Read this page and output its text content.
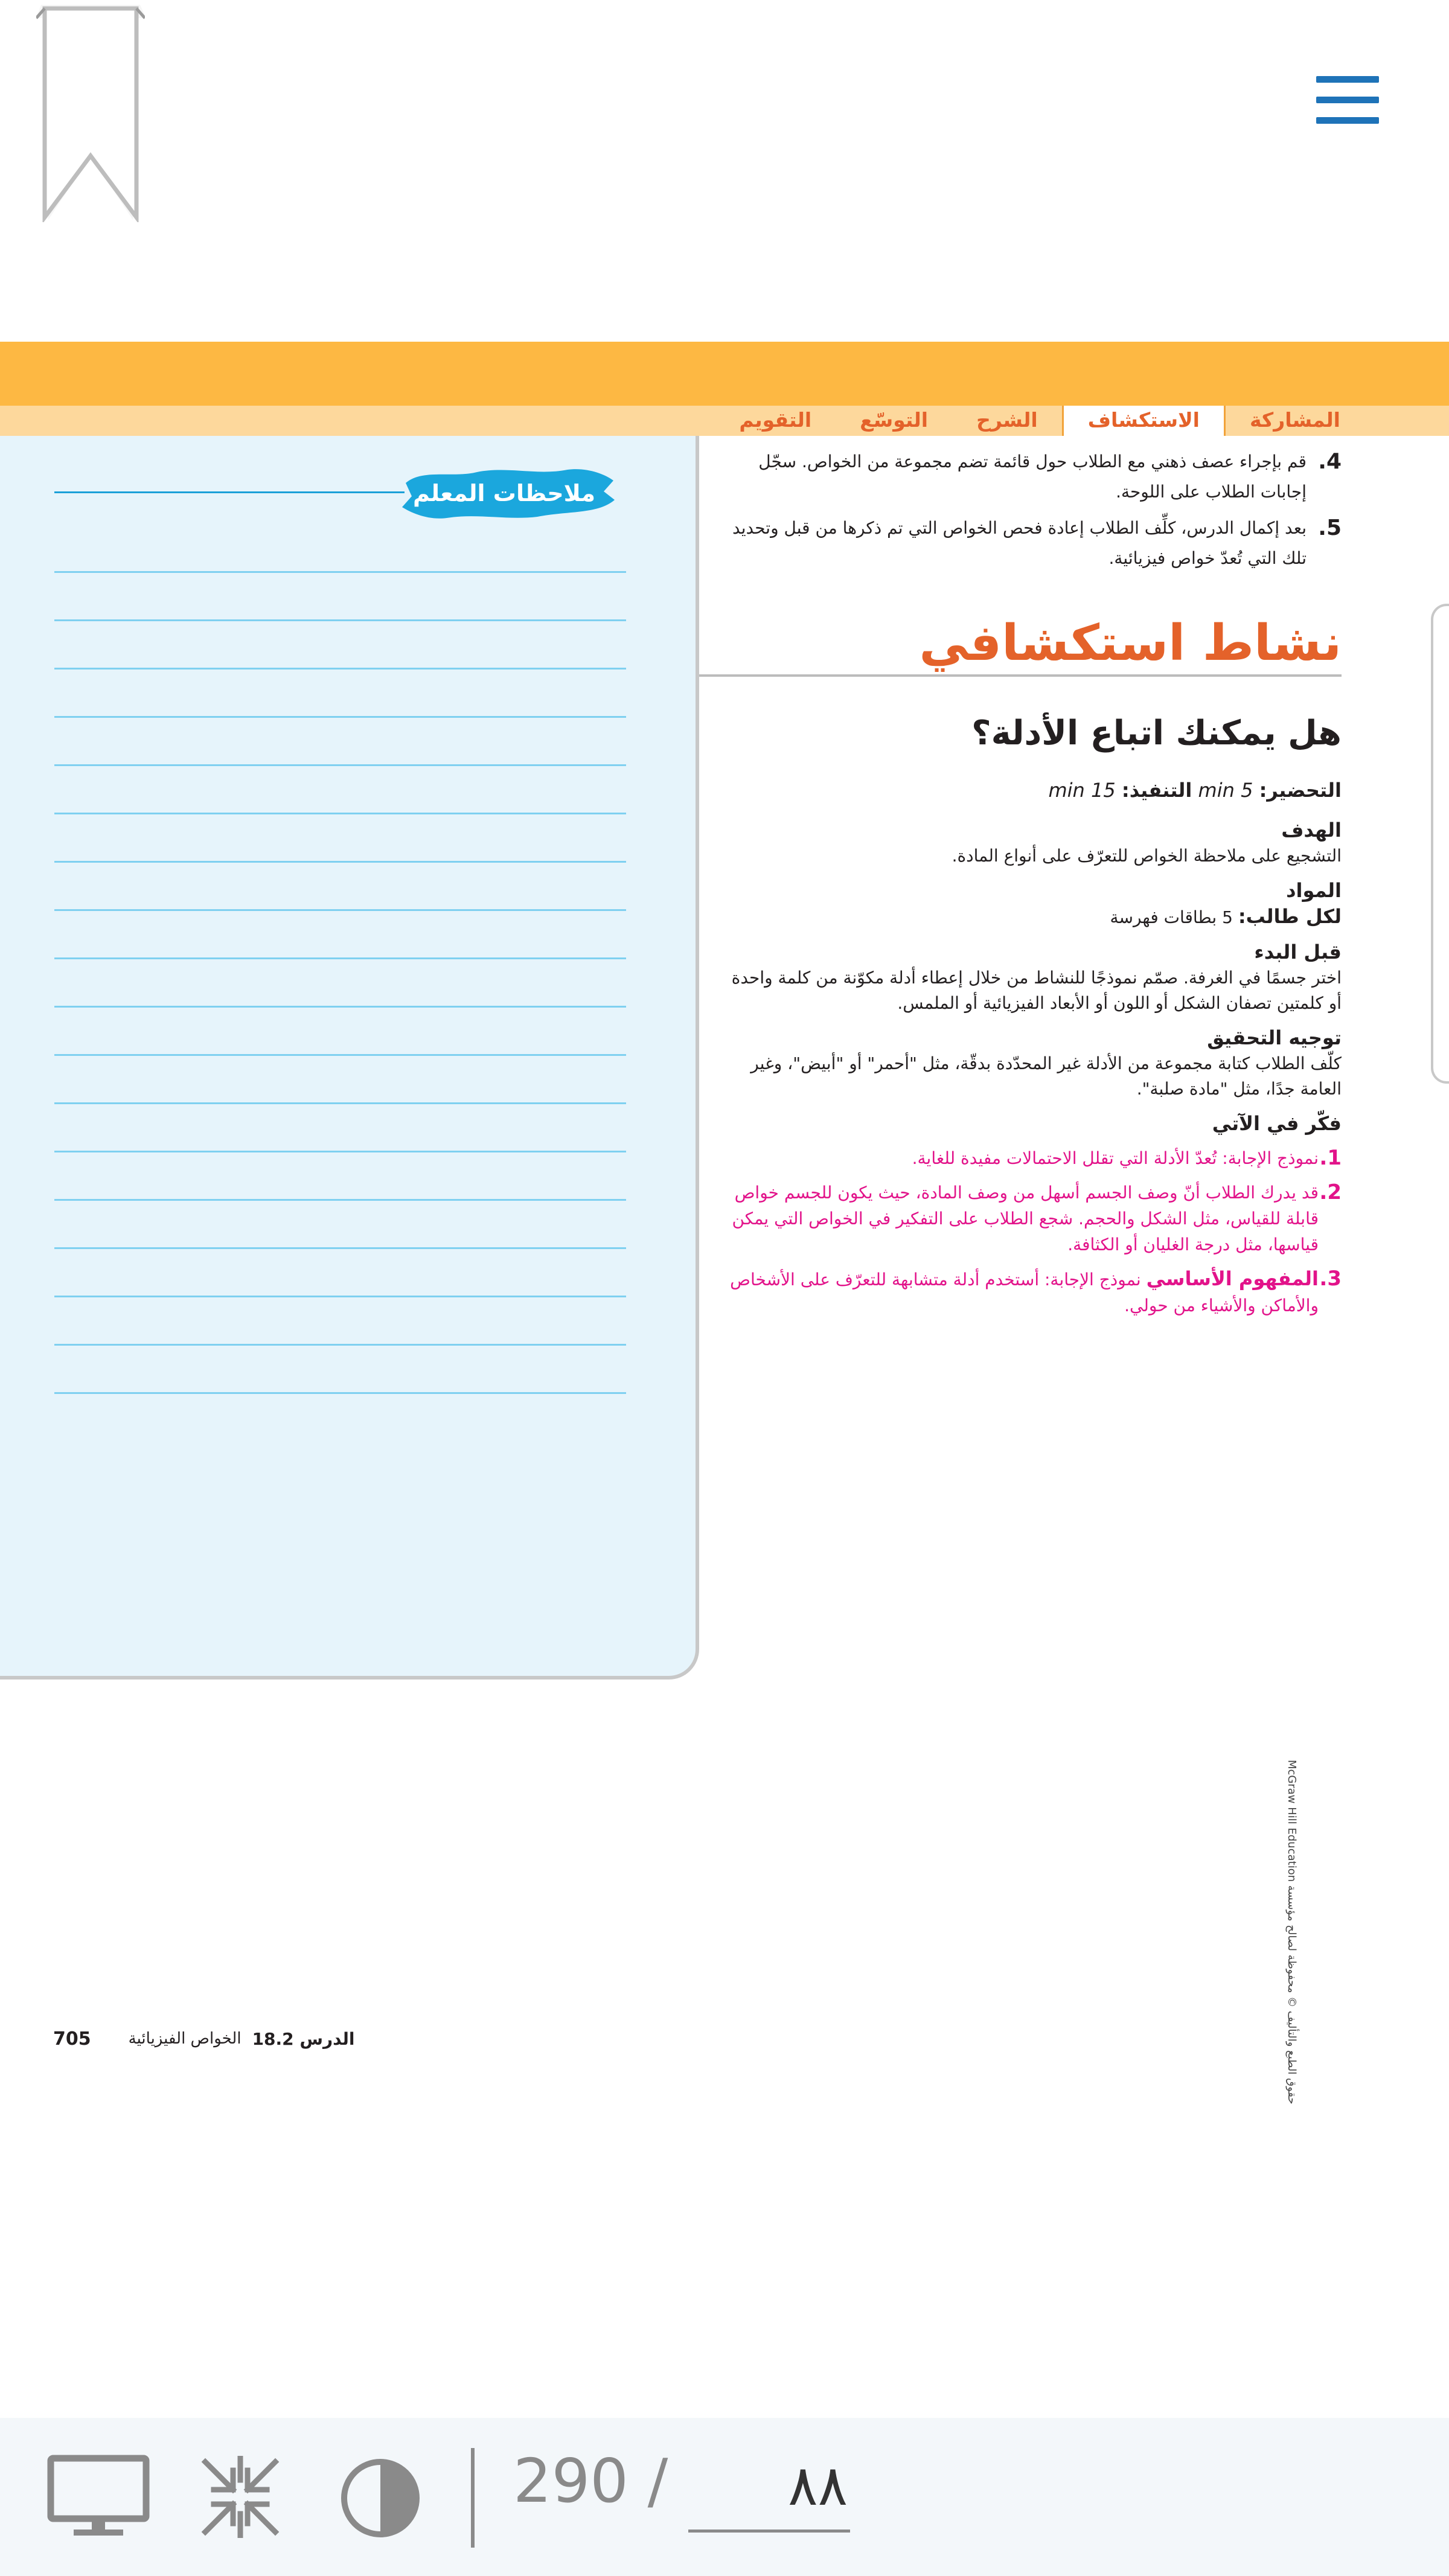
المشاركة
الاستكشاف
الشرح
التوسّع
التقويم
ملاحظات المعلم
4.
قم بإجراء عصف ذهني مع الطلاب حول قائمة تضم مجموعة من الخواص. سجّل إجابات الطلاب على اللوحة.
5.
بعد إكمال الدرس، كلِّف الطلاب إعادة فحص الخواص التي تم ذكرها من قبل وتحديد تلك التي تُعدّ خواص فيزيائية.
نشاط استكشافي
هل يمكنك اتباع الأدلة؟
التحضير: 5 min التنفيذ: 15 min
الهدف
التشجيع على ملاحظة الخواص للتعرّف على أنواع المادة.
المواد
لكل طالب: 5 بطاقات فهرسة
قبل البدء
اختر جسمًا في الغرفة. صمّم نموذجًا للنشاط من خلال إعطاء أدلة مكوّنة من كلمة واحدة أو كلمتين تصفان الشكل أو اللون أو الأبعاد الفيزيائية أو الملمس.
توجيه التحقيق
كلّف الطلاب كتابة مجموعة من الأدلة غير المحدّدة بدقّة، مثل "أحمر" أو "أبيض"، وغير العامة جدًا، مثل "مادة صلبة".
فكّر في الآتي
1.
نموذج الإجابة: تُعدّ الأدلة التي تقلل الاحتمالات مفيدة للغاية.
2.
قد يدرك الطلاب أنّ وصف الجسم أسهل من وصف المادة، حيث يكون للجسم خواص قابلة للقياس، مثل الشكل والحجم. شجع الطلاب على التفكير في الخواص التي يمكن قياسها، مثل درجة الغليان أو الكثافة.
3.
المفهوم الأساسي نموذج الإجابة: أستخدم أدلة متشابهة للتعرّف على الأشخاص والأماكن والأشياء من حولي.
حقوق الطبع والتأليف © محفوظة لصالح مؤسسة McGraw Hill Education
705 الخواص الفيزيائية الدرس 18.2
290 /
٨٨
